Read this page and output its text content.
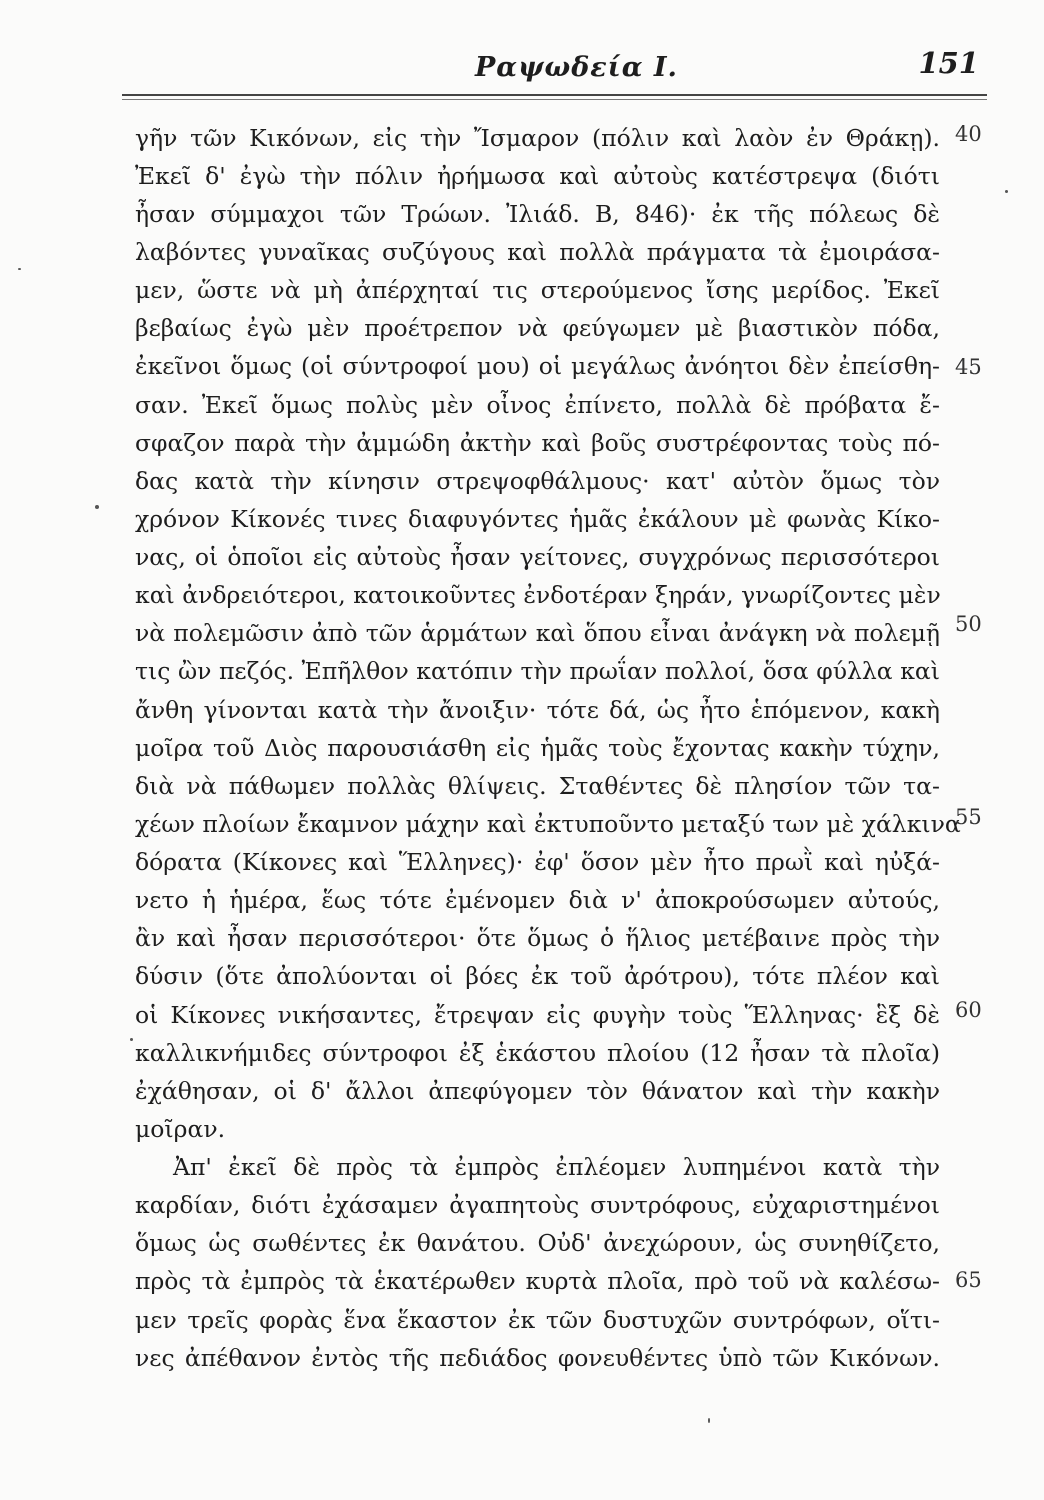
Ραψωδεία Ι.	151
γῆν τῶν Κικόνων, εἰς τὴν Ἴσμαρον (πόλιν καὶ λαὸν ἐν Θράκῃ).
Ἐκεῖ δ' ἐγὼ τὴν πόλιν ἠρήμωσα καὶ αὐτοὺς κατέστρεψα (διότι
ἦσαν σύμμαχοι τῶν Τρώων. Ἰλιάδ. Β, 846)· ἐκ τῆς πόλεως δὲ
λαβόντες γυναῖκας συζύγους καὶ πολλὰ πράγματα τὰ ἐμοιράσα-
μεν, ὥστε νὰ μὴ ἀπέρχηταί τις στερούμενος ἴσης μερίδος. Ἐκεῖ
βεβαίως ἐγὼ μὲν προέτρεπον νὰ φεύγωμεν μὲ βιαστικὸν πόδα,
ἐκεῖνοι ὅμως (οἱ σύντροφοί μου) οἱ μεγάλως ἀνόητοι δὲν ἐπείσθη-
σαν. Ἐκεῖ ὅμως πολὺς μὲν οἶνος ἐπίνετο, πολλὰ δὲ πρόβατα ἔ-
σφαζον παρὰ τὴν ἀμμώδη ἀκτὴν καὶ βοῦς συστρέφοντας τοὺς πό-
δας κατὰ τὴν κίνησιν στρεψοφθάλμους· κατ' αὐτὸν ὅμως τὸν
χρόνον Κίκονές τινες διαφυγόντες ἡμᾶς ἐκάλουν μὲ φωνὰς Κίκο-
νας, οἱ ὁποῖοι εἰς αὐτοὺς ἦσαν γείτονες, συγχρόνως περισσότεροι
καὶ ἀνδρειότεροι, κατοικοῦντες ἐνδοτέραν ξηράν, γνωρίζοντες μὲν
νὰ πολεμῶσιν ἀπὸ τῶν ἁρμάτων καὶ ὅπου εἶναι ἀνάγκη νὰ πολεμῇ
τις ὢν πεζός. Ἐπῆλθον κατόπιν τὴν πρωΐαν πολλοί, ὅσα φύλλα καὶ
ἄνθη γίνονται κατὰ τὴν ἄνοιξιν· τότε δά, ὡς ἦτο ἑπόμενον, κακὴ
μοῖρα τοῦ Διὸς παρουσιάσθη εἰς ἡμᾶς τοὺς ἔχοντας κακὴν τύχην,
διὰ νὰ πάθωμεν πολλὰς θλίψεις. Σταθέντες δὲ πλησίον τῶν τα-
χέων πλοίων ἔκαμνον μάχην καὶ ἐκτυποῦντο μεταξύ των μὲ χάλκινα
δόρατα (Κίκονες καὶ Ἕλληνες)· ἐφ' ὅσον μὲν ἦτο πρωῒ καὶ ηὐξά-
νετο ἡ ἡμέρα, ἕως τότε ἐμένομεν διὰ ν' ἀποκρούσωμεν αὐτούς,
ἂν καὶ ἦσαν περισσότεροι· ὅτε ὅμως ὁ ἥλιος μετέβαινε πρὸς τὴν
δύσιν (ὅτε ἀπολύονται οἱ βόες ἐκ τοῦ ἀρότρου), τότε πλέον καὶ
οἱ Κίκονες νικήσαντες, ἔτρεψαν εἰς φυγὴν τοὺς Ἕλληνας· ἓξ δὲ
καλλικνήμιδες σύντροφοι ἐξ ἑκάστου πλοίου (12 ἦσαν τὰ πλοῖα)
ἐχάθησαν, οἱ δ' ἄλλοι ἀπεφύγομεν τὸν θάνατον καὶ τὴν κακὴν
μοῖραν.
Ἀπ' ἐκεῖ δὲ πρὸς τὰ ἐμπρὸς ἐπλέομεν λυπημένοι κατὰ τὴν
καρδίαν, διότι ἐχάσαμεν ἀγαπητοὺς συντρόφους, εὐχαριστημένοι
ὅμως ὡς σωθέντες ἐκ θανάτου. Οὐδ' ἀνεχώρουν, ὡς συνηθίζετο,
πρὸς τὰ ἐμπρὸς τὰ ἑκατέρωθεν κυρτὰ πλοῖα, πρὸ τοῦ νὰ καλέσω-
μεν τρεῖς φορὰς ἕνα ἕκαστον ἐκ τῶν δυστυχῶν συντρόφων, οἵτι-
νες ἀπέθανον ἐντὸς τῆς πεδιάδος φονευθέντες ὑπὸ τῶν Κικόνων.
40
45
50
55
60
65
